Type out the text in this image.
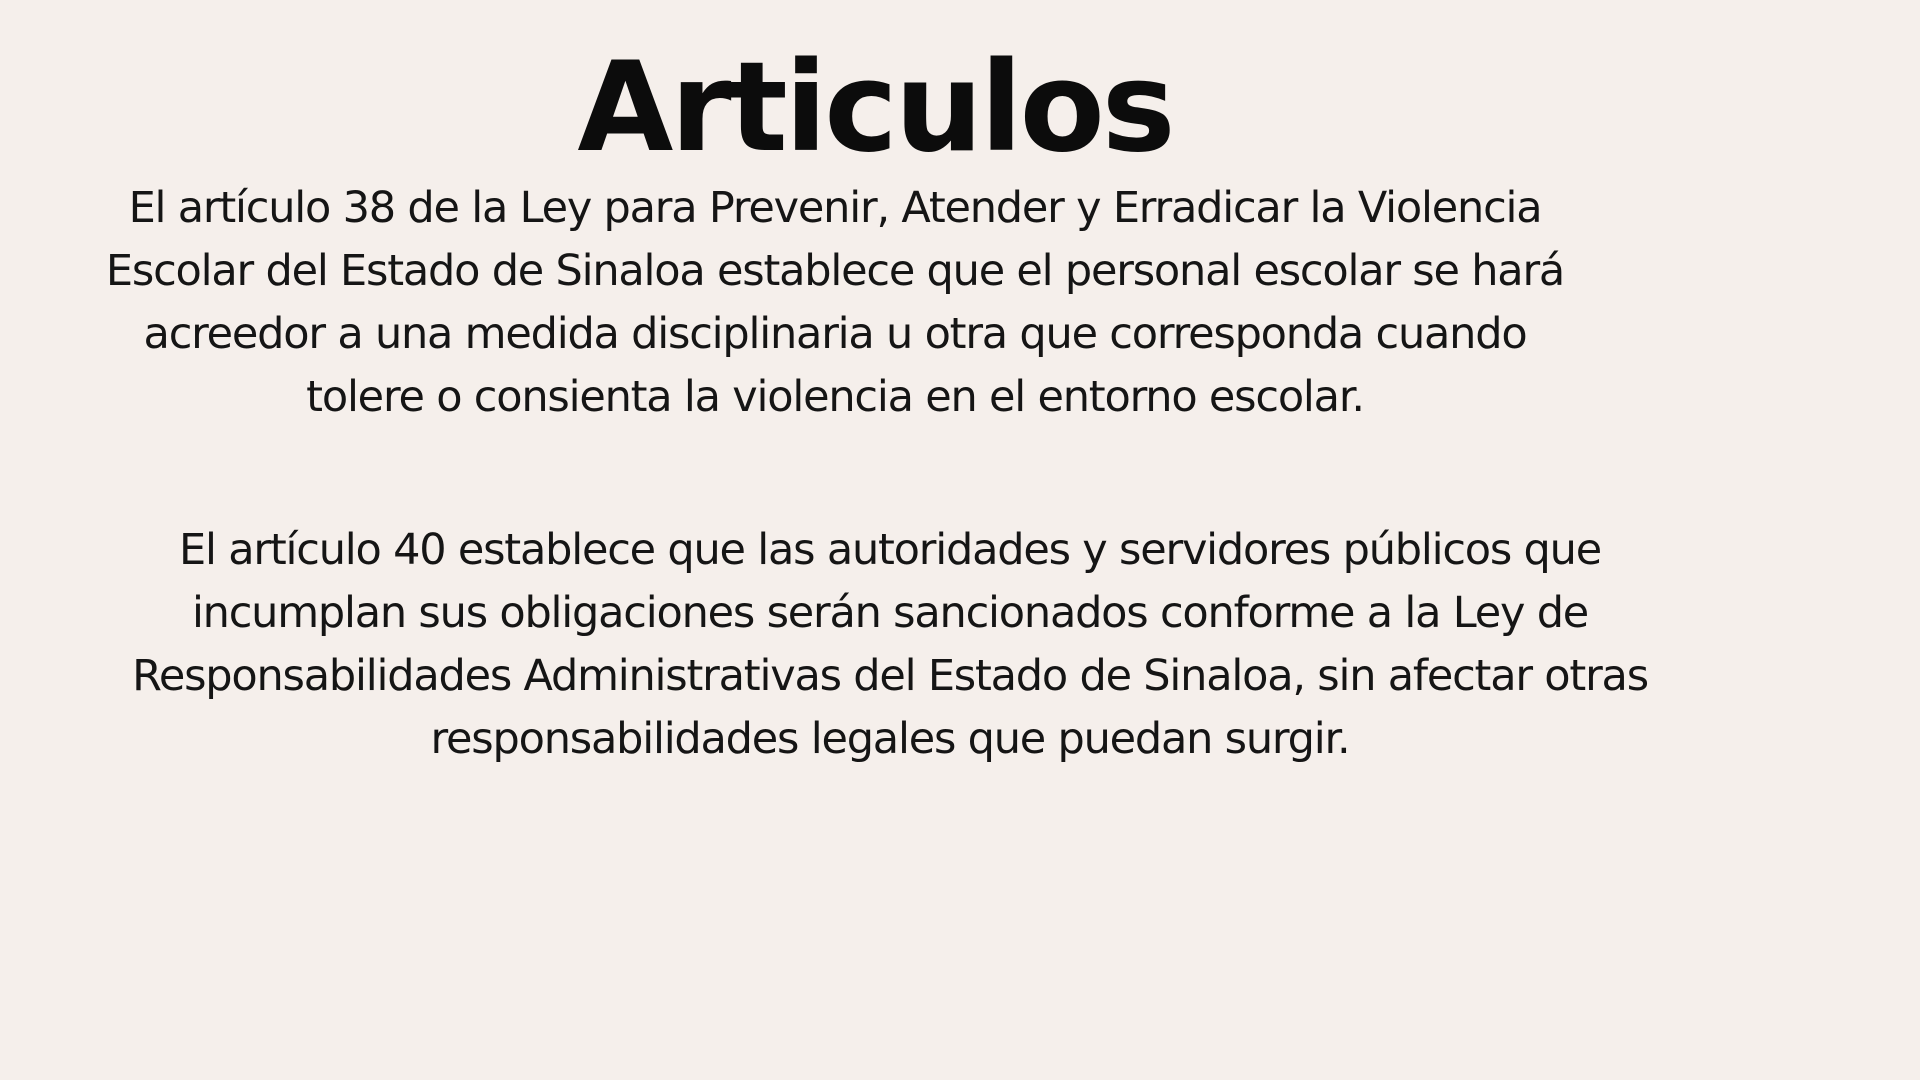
Articulos

El artículo 38 de la Ley para Prevenir, Atender y Erradicar la Violencia
Escolar del Estado de Sinaloa establece que el personal escolar se hará
acreedor a una medida disciplinaria u otra que corresponda cuando
tolere o consienta la violencia en el entorno escolar.

El artículo 40 establece que las autoridades y servidores públicos que
incumplan sus obligaciones serán sancionados conforme a la Ley de
Responsabilidades Administrativas del Estado de Sinaloa, sin afectar otras
responsabilidades legales que puedan surgir.
